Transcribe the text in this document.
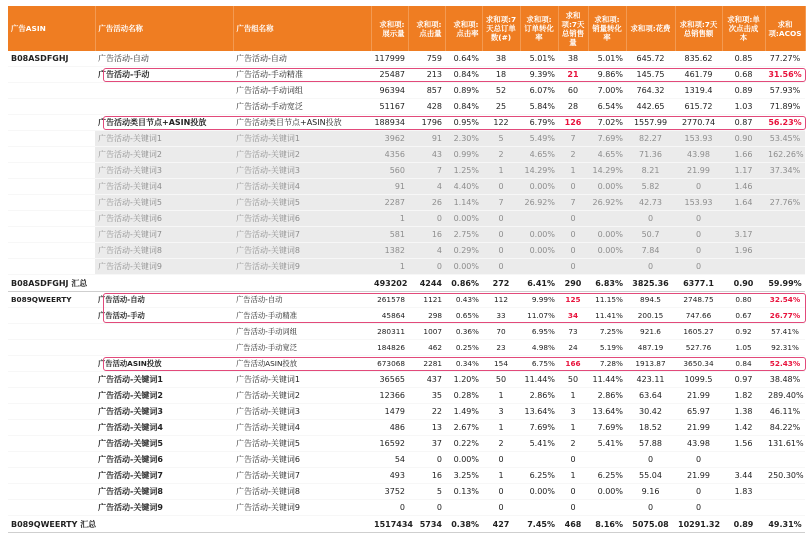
广告ASIN	广告活动名称	广告组名称	求和项:展示量	求和项:点击量	求和项:点击率	求和项:7天总订单数(#)	求和项:订单转化率	求和项:7天总销售量	求和项:销量转化率	求和项:花费	求和项:7天总销售额	求和项:单次点击成本	求和项:ACOS
B08ASDFGHJ	广告活动-自动	广告活动-自动	117999	759	0.64%	38	5.01%	38	5.01%	645.72	835.62	0.85	77.27%
	广告活动-手动	广告活动-手动精准	25487	213	0.84%	18	9.39%	21	9.86%	145.75	461.79	0.68	31.56%
		广告活动-手动词组	96394	857	0.89%	52	6.07%	60	7.00%	764.32	1319.4	0.89	57.93%
		广告活动-手动宽泛	51167	428	0.84%	25	5.84%	28	6.54%	442.65	615.72	1.03	71.89%
	广告活动类目节点+ASIN投放	广告活动类目节点+ASIN投放	188934	1796	0.95%	122	6.79%	126	7.02%	1557.99	2770.74	0.87	56.23%
	广告活动-关键词1	广告活动-关键词1	3962	91	2.30%	5	5.49%	7	7.69%	82.27	153.93	0.90	53.45%
	广告活动-关键词2	广告活动-关键词2	4356	43	0.99%	2	4.65%	2	4.65%	71.36	43.98	1.66	162.26%
	广告活动-关键词3	广告活动-关键词3	560	7	1.25%	1	14.29%	1	14.29%	8.21	21.99	1.17	37.34%
	广告活动-关键词4	广告活动-关键词4	91	4	4.40%	0	0.00%	0	0.00%	5.82	0	1.46	
	广告活动-关键词5	广告活动-关键词5	2287	26	1.14%	7	26.92%	7	26.92%	42.73	153.93	1.64	27.76%
	广告活动-关键词6	广告活动-关键词6	1	0	0.00%	0		0		0	0		
	广告活动-关键词7	广告活动-关键词7	581	16	2.75%	0	0.00%	0	0.00%	50.7	0	3.17	
	广告活动-关键词8	广告活动-关键词8	1382	4	0.29%	0	0.00%	0	0.00%	7.84	0	1.96	
	广告活动-关键词9	广告活动-关键词9	1	0	0.00%	0		0		0	0		
B08ASDFGHJ 汇总			493202	4244	0.86%	272	6.41%	290	6.83%	3825.36	6377.1	0.90	59.99%
B089QWEERTY	广告活动-自动	广告活动-自动	261578	1121	0.43%	112	9.99%	125	11.15%	894.5	2748.75	0.80	32.54%
	广告活动-手动	广告活动-手动精准	45864	298	0.65%	33	11.07%	34	11.41%	200.15	747.66	0.67	26.77%
		广告活动-手动词组	280311	1007	0.36%	70	6.95%	73	7.25%	921.6	1605.27	0.92	57.41%
		广告活动-手动宽泛	184826	462	0.25%	23	4.98%	24	5.19%	487.19	527.76	1.05	92.31%
	广告活动ASIN投放	广告活动ASIN投放	673068	2281	0.34%	154	6.75%	166	7.28%	1913.87	3650.34	0.84	52.43%
	广告活动-关键词1	广告活动-关键词1	36565	437	1.20%	50	11.44%	50	11.44%	423.11	1099.5	0.97	38.48%
	广告活动-关键词2	广告活动-关键词2	12366	35	0.28%	1	2.86%	1	2.86%	63.64	21.99	1.82	289.40%
	广告活动-关键词3	广告活动-关键词3	1479	22	1.49%	3	13.64%	3	13.64%	30.42	65.97	1.38	46.11%
	广告活动-关键词4	广告活动-关键词4	486	13	2.67%	1	7.69%	1	7.69%	18.52	21.99	1.42	84.22%
	广告活动-关键词5	广告活动-关键词5	16592	37	0.22%	2	5.41%	2	5.41%	57.88	43.98	1.56	131.61%
	广告活动-关键词6	广告活动-关键词6	54	0	0.00%	0		0		0	0		
	广告活动-关键词7	广告活动-关键词7	493	16	3.25%	1	6.25%	1	6.25%	55.04	21.99	3.44	250.30%
	广告活动-关键词8	广告活动-关键词8	3752	5	0.13%	0	0.00%	0	0.00%	9.16	0	1.83	
	广告活动-关键词9	广告活动-关键词9	0	0		0		0		0	0		
B089QWEERTY 汇总			1517434	5734	0.38%	427	7.45%	468	8.16%	5075.08	10291.32	0.89	49.31%
